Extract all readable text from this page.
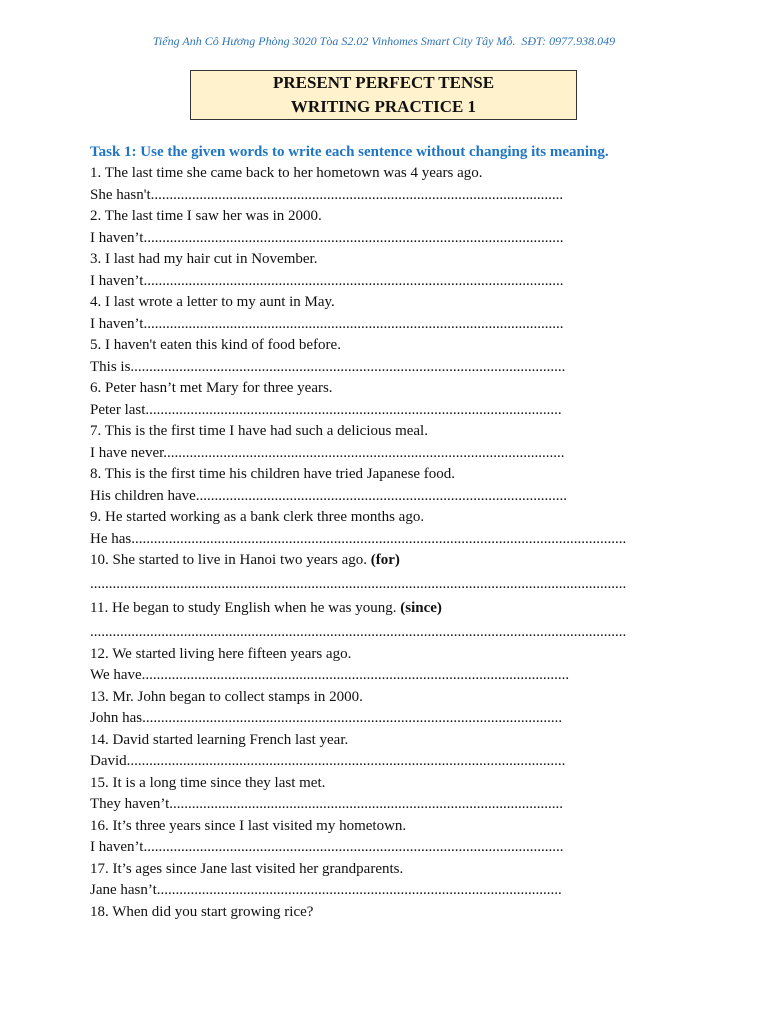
Tiếng Anh Cô Hương Phòng 3020 Tòa S2.02 Vinhomes Smart City Tây Mỗ.  SĐT: 0977.938.049
PRESENT PERFECT TENSE
WRITING PRACTICE 1
Task 1: Use the given words to write each sentence without changing its meaning.
1. The last time she came back to her hometown was 4 years ago.
She hasn't..............................................................................................................
2. The last time I saw her was in 2000.
I haven’t................................................................................................................
3. I last had my hair cut in November.
I haven’t................................................................................................................
4. I last wrote a letter to my aunt in May.
I haven’t................................................................................................................
5. I haven't eaten this kind of food before.
This is....................................................................................................................
6. Peter hasn’t met Mary for three years.
Peter last...............................................................................................................
7. This is the first time I have had such a delicious meal.
I have never...........................................................................................................
8. This is the first time his children have tried Japanese food.
His children have...................................................................................................
9. He started working as a bank clerk three months ago.
He has....................................................................................................................................
10. She started to live in Hanoi two years ago. (for)
...............................................................................................................................................
11. He began to study English when he was young. (since)
...............................................................................................................................................
12. We started living here fifteen years ago.
We have..................................................................................................................
13. Mr. John began to collect stamps in 2000.
John has................................................................................................................
14. David started learning French last year.
David.....................................................................................................................
15. It is a long time since they last met.
They haven’t.........................................................................................................
16. It’s three years since I last visited my hometown.
I haven’t................................................................................................................
17. It’s ages since Jane last visited her grandparents.
Jane hasn’t............................................................................................................
18. When did you start growing rice?
